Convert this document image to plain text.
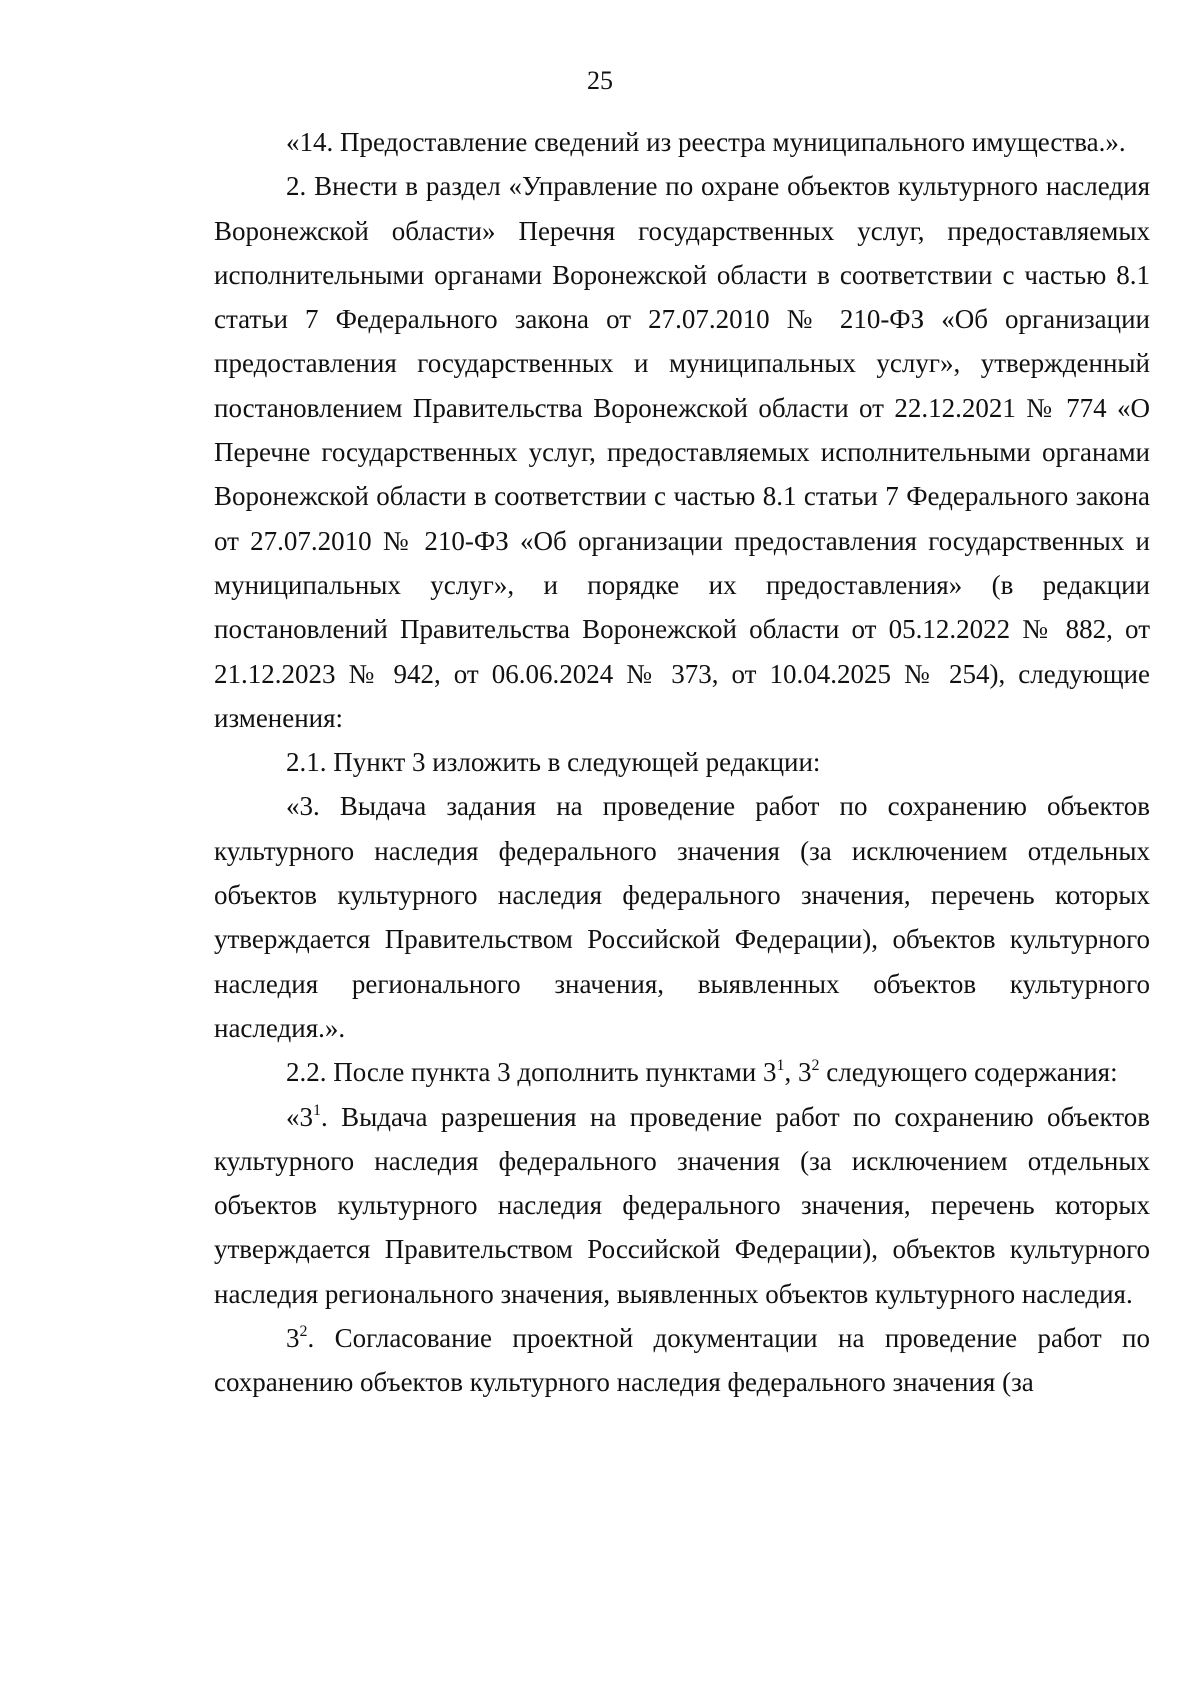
25

«14. Предоставление сведений из реестра муниципального имущества.».

2. Внести в раздел «Управление по охране объектов культурного наследия Воронежской области» Перечня государственных услуг, предоставляемых исполнительными органами Воронежской области в соответствии с частью 8.1 статьи 7 Федерального закона от 27.07.2010 № 210-ФЗ «Об организации предоставления государственных и муниципальных услуг», утвержденный постановлением Правительства Воронежской области от 22.12.2021 № 774 «О Перечне государственных услуг, предоставляемых исполнительными органами Воронежской области в соответствии с частью 8.1 статьи 7 Федерального закона от 27.07.2010 № 210-ФЗ «Об организации предоставления государственных и муниципальных услуг», и порядке их предоставления» (в редакции постановлений Правительства Воронежской области от 05.12.2022 № 882, от 21.12.2023 № 942, от 06.06.2024 № 373, от 10.04.2025 № 254), следующие изменения:

2.1. Пункт 3 изложить в следующей редакции:

«3. Выдача задания на проведение работ по сохранению объектов культурного наследия федерального значения (за исключением отдельных объектов культурного наследия федерального значения, перечень которых утверждается Правительством Российской Федерации), объектов культурного наследия регионального значения, выявленных объектов культурного наследия.».

2.2. После пункта 3 дополнить пунктами $3^1$, $3^2$ следующего содержания:

«$3^1$. Выдача разрешения на проведение работ по сохранению объектов культурного наследия федерального значения (за исключением отдельных объектов культурного наследия федерального значения, перечень которых утверждается Правительством Российской Федерации), объектов культурного наследия регионального значения, выявленных объектов культурного наследия.

$3^2$. Согласование проектной документации на проведение работ по сохранению объектов культурного наследия федерального значения (за
